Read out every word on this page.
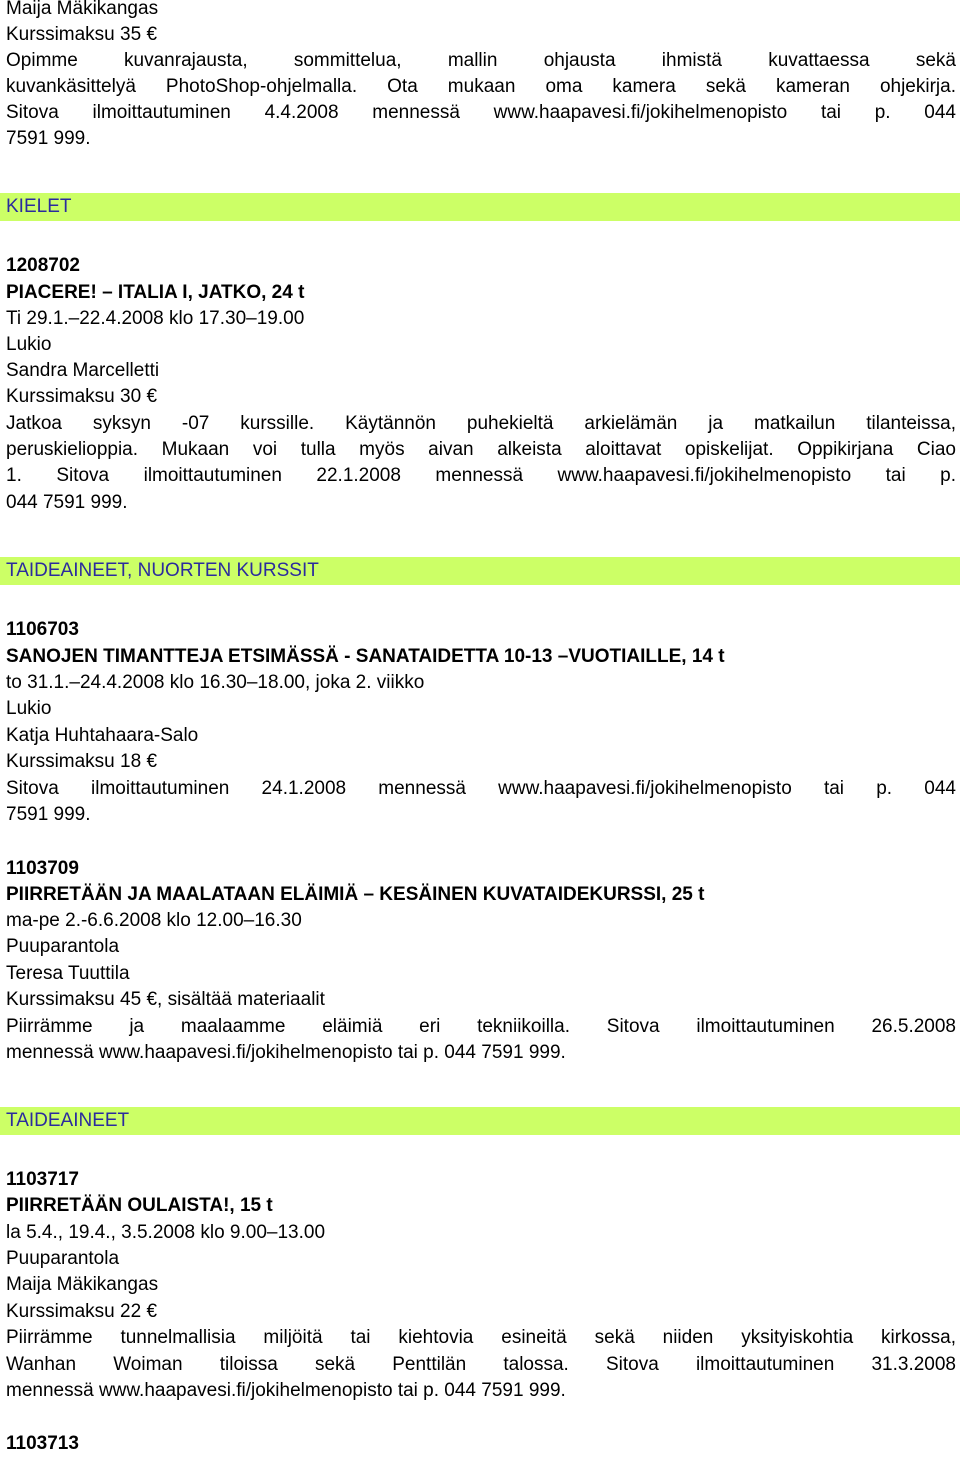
Maija Mäkikangas
Kurssimaksu 35 €
Opimme kuvanrajausta, sommittelua, mallin ohjausta ihmistä kuvattaessa sekä
kuvankäsittelyä PhotoShop-ohjelmalla. Ota mukaan oma kamera sekä kameran ohjekirja.
Sitova ilmoittautuminen 4.4.2008 mennessä www.haapavesi.fi/jokihelmenopisto tai p. 044
7591 999.
KIELET
1208702
PIACERE! – ITALIA I, JATKO, 24 t
Ti 29.1.–22.4.2008 klo 17.30–19.00
Lukio
Sandra Marcelletti
Kurssimaksu 30 €
Jatkoa syksyn -07 kurssille. Käytännön puhekieltä arkielämän ja matkailun tilanteissa,
peruskielioppia. Mukaan voi tulla myös aivan alkeista aloittavat opiskelijat. Oppikirjana Ciao
1. Sitova ilmoittautuminen 22.1.2008 mennessä www.haapavesi.fi/jokihelmenopisto tai p.
044 7591 999.
TAIDEAINEET, NUORTEN KURSSIT
1106703
SANOJEN TIMANTTEJA ETSIMÄSSÄ - SANATAIDETTA 10-13 –VUOTIAILLE, 14 t
to 31.1.–24.4.2008 klo 16.30–18.00, joka 2. viikko
Lukio
Katja Huhtahaara-Salo
Kurssimaksu 18 €
Sitova ilmoittautuminen 24.1.2008 mennessä www.haapavesi.fi/jokihelmenopisto tai p. 044
7591 999.
1103709
PIIRRETÄÄN JA MAALATAAN ELÄIMIÄ – KESÄINEN KUVATAIDEKURSSI, 25 t
ma-pe 2.-6.6.2008 klo 12.00–16.30
Puuparantola
Teresa Tuuttila
Kurssimaksu 45 €, sisältää materiaalit
Piirrämme ja maalaamme eläimiä eri tekniikoilla. Sitova ilmoittautuminen 26.5.2008
mennessä www.haapavesi.fi/jokihelmenopisto tai p. 044 7591 999.
TAIDEAINEET
1103717
PIIRRETÄÄN OULAISTA!, 15 t
la 5.4., 19.4., 3.5.2008 klo 9.00–13.00
Puuparantola
Maija Mäkikangas
Kurssimaksu 22 €
Piirrämme tunnelmallisia miljöitä tai kiehtovia esineitä sekä niiden yksityiskohtia kirkossa,
Wanhan Woiman tiloissa sekä Penttilän talossa. Sitova ilmoittautuminen 31.3.2008
mennessä www.haapavesi.fi/jokihelmenopisto tai p. 044 7591 999.
1103713
